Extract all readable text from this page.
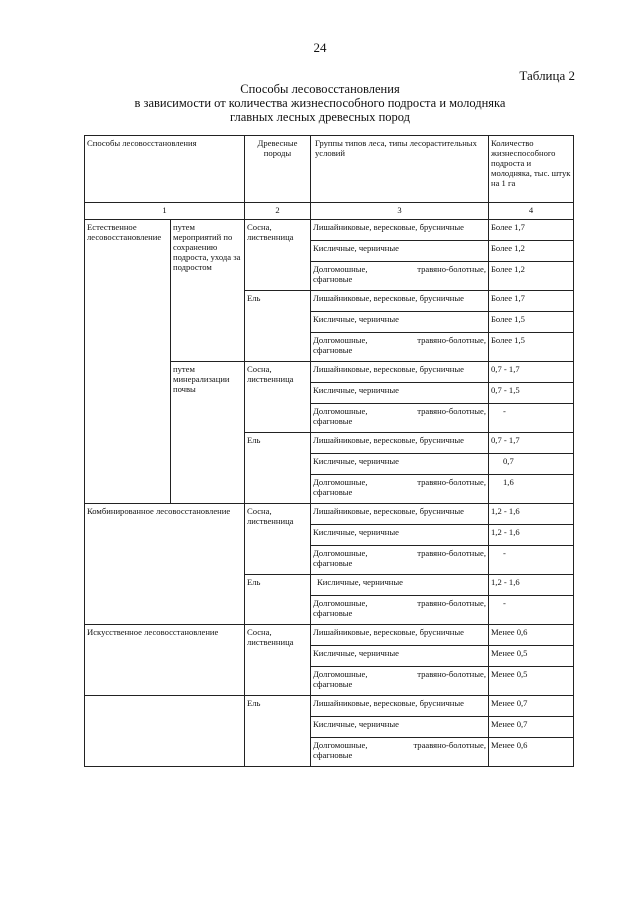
24
Таблица 2
Способы лесовосстановления
в зависимости от количества жизнеспособного подроста и молодняка
главных лесных древесных пород
Способы лесовосстановления		Древесные породы	Группы типов леса, типы лесорастительных условий	Количество жизнеспособного подроста и молодняка, тыс. штук на 1 га
1		2	3	4
Естественное лесовосстановление	путем мероприятий по сохранению подроста, ухода за подростом	Сосна, лиственница	Лишайниковые, вересковые, брусничные	Более 1,7
			Кисличные, черничные	Более 1,2

			Долгомошные, травяно-болотные,
сфагновые	Более 1,2
		Ель	Лишайниковые, вересковые, брусничные	Более 1,7
			Кисличные, черничные	Более 1,5

			Долгомошные, травяно-болотные,
сфагновые	Более 1,5
	путем минерализации почвы	Сосна, лиственница	Лишайниковые, вересковые, брусничные	0,7 - 1,7
			Кисличные, черничные	0,7 - 1,5

			Долгомошные, травяно-болотные,
сфагновые	-
		Ель	Лишайниковые, вересковые, брусничные	0,7 - 1,7
			Кисличные, черничные	0,7

			Долгомошные, травяно-болотные,
сфагновые	1,6
Комбинированное лесовосстановление		Сосна, лиственница	Лишайниковые, вересковые, брусничные	1,2 - 1,6
			Кисличные, черничные	1,2 - 1,6

			Долгомошные, травяно-болотные,
сфагновые	-
		Ель	Кисличные, черничные	1,2 - 1,6

			Долгомошные, травяно-болотные,
сфагновые	-
Искусственное лесовосстановление		Сосна, лиственница	Лишайниковые, вересковые, брусничные	Менее 0,6
			Кисличные, черничные	Менее 0,5

			Долгомошные, травяно-болотные,
сфагновые	Менее 0,5
		Ель	Лишайниковые, вересковые, брусничные	Менее 0,7
			Кисличные, черничные	Менее 0,7

			Долгомошные, траавяно-болотные,
сфагновые	Менее 0,6
